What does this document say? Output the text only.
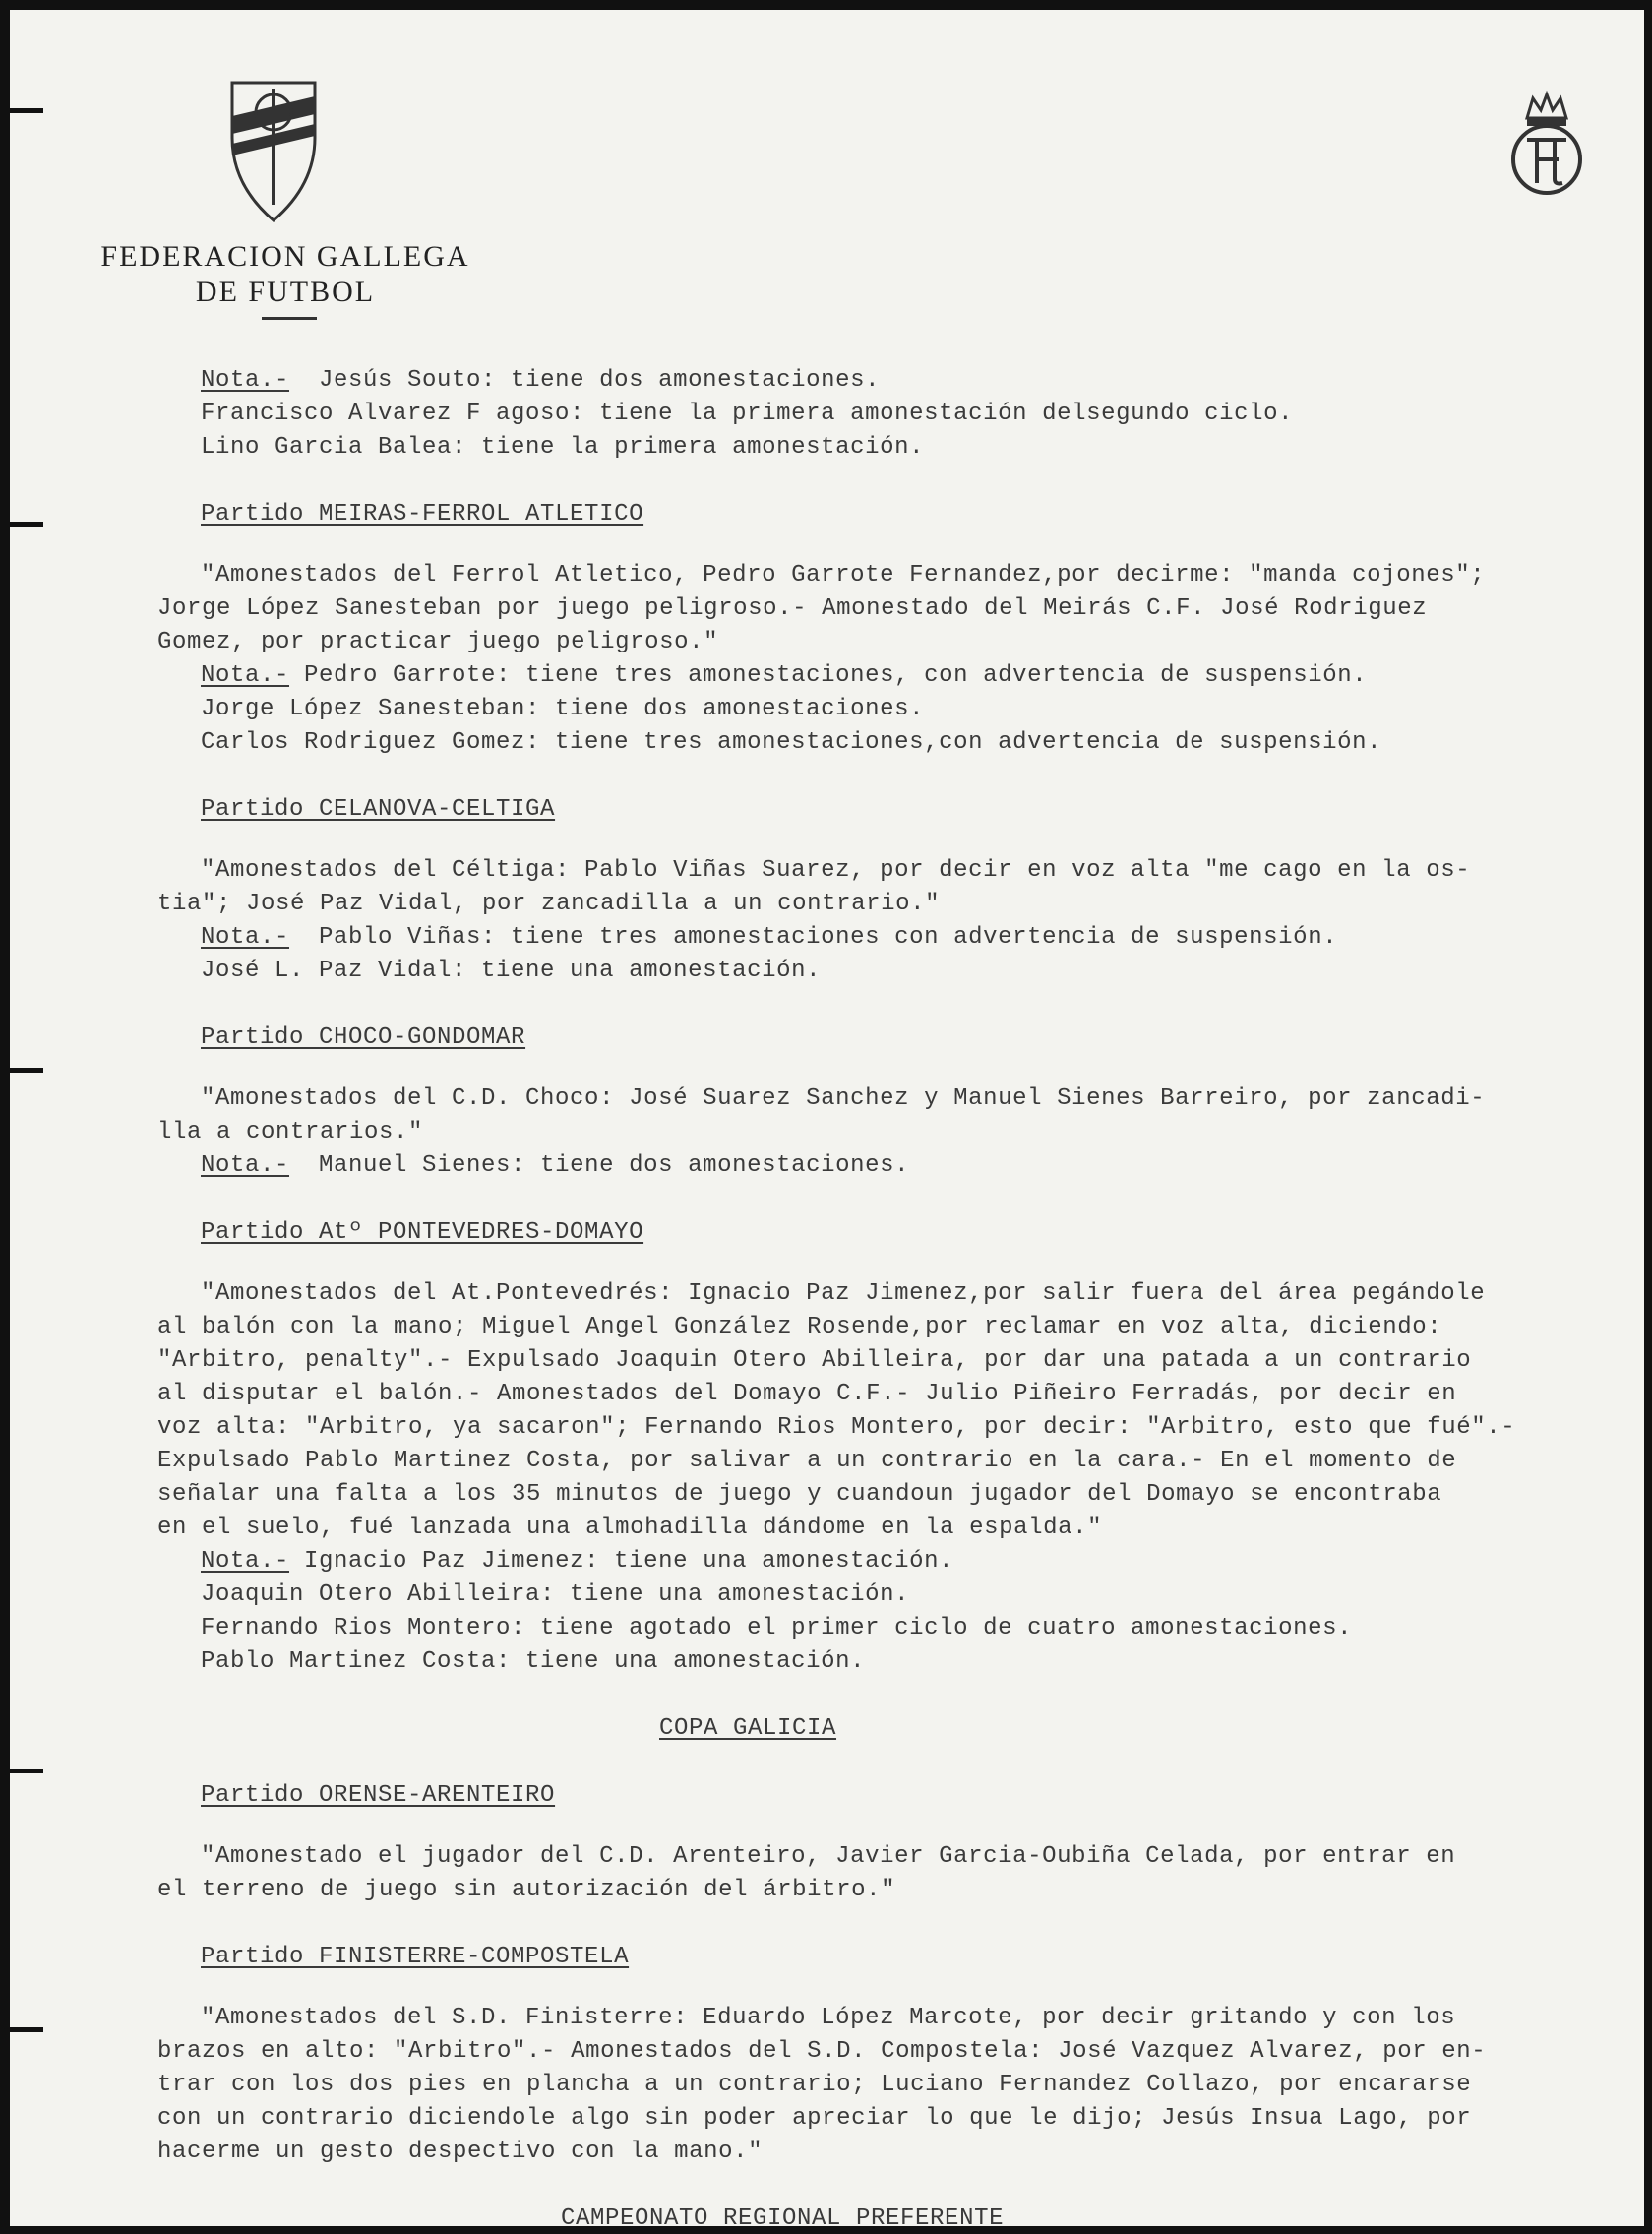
FEDERACION GALLEGA
DE FUTBOL
Nota.- Jesús Souto: tiene dos amonestaciones.
Francisco Alvarez F agoso: tiene la primera amonestación delsegundo ciclo.
Lino Garcia Balea: tiene la primera amonestación.
Partido MEIRAS-FERROL ATLETICO
"Amonestados del Ferrol Atletico, Pedro Garrote Fernandez,por decirme: "manda cojones";
Jorge López Sanesteban por juego peligroso.- Amonestado del Meirás C.F. José Rodriguez
Gomez, por practicar juego peligroso."
Nota.- Pedro Garrote: tiene tres amonestaciones, con advertencia de suspensión.
Jorge López Sanesteban: tiene dos amonestaciones.
Carlos Rodriguez Gomez: tiene tres amonestaciones,con advertencia de suspensión.
Partido CELANOVA-CELTIGA
"Amonestados del Céltiga: Pablo Viñas Suarez, por decir en voz alta "me cago en la os-
tia"; José Paz Vidal, por zancadilla a un contrario."
Nota.- Pablo Viñas: tiene tres amonestaciones con advertencia de suspensión.
José L. Paz Vidal: tiene una amonestación.
Partido CHOCO-GONDOMAR
"Amonestados del C.D. Choco: José Suarez Sanchez y Manuel Sienes Barreiro, por zancadi-
lla a contrarios."
Nota.- Manuel Sienes: tiene dos amonestaciones.
Partido Atº PONTEVEDRES-DOMAYO
"Amonestados del At.Pontevedrés: Ignacio Paz Jimenez,por salir fuera del área pegándole
al balón con la mano; Miguel Angel González Rosende,por reclamar en voz alta, diciendo:
"Arbitro, penalty".- Expulsado Joaquin Otero Abilleira, por dar una patada a un contrario
al disputar el balón.- Amonestados del Domayo C.F.- Julio Piñeiro Ferradás, por decir en
voz alta: "Arbitro, ya sacaron"; Fernando Rios Montero, por decir: "Arbitro, esto que fué".-
Expulsado Pablo Martinez Costa, por salivar a un contrario en la cara.- En el momento de
señalar una falta a los 35 minutos de juego y cuandoun jugador del Domayo se encontraba
en el suelo, fué lanzada una almohadilla dándome en la espalda."
Nota.- Ignacio Paz Jimenez: tiene una amonestación.
Joaquin Otero Abilleira: tiene una amonestación.
Fernando Rios Montero: tiene agotado el primer ciclo de cuatro amonestaciones.
Pablo Martinez Costa: tiene una amonestación.
COPA GALICIA
Partido ORENSE-ARENTEIRO
"Amonestado el jugador del C.D. Arenteiro, Javier Garcia-Oubiña Celada, por entrar en
el terreno de juego sin autorización del árbitro."
Partido FINISTERRE-COMPOSTELA
"Amonestados del S.D. Finisterre: Eduardo López Marcote, por decir gritando y con los
brazos en alto: "Arbitro".- Amonestados del S.D. Compostela: José Vazquez Alvarez, por en-
trar con los dos pies en plancha a un contrario; Luciano Fernandez Collazo, por encararse
con un contrario diciendole algo sin poder apreciar lo que le dijo; Jesús Insua Lago, por
hacerme un gesto despectivo con la mano."
CAMPEONATO REGIONAL PREFERENTE
